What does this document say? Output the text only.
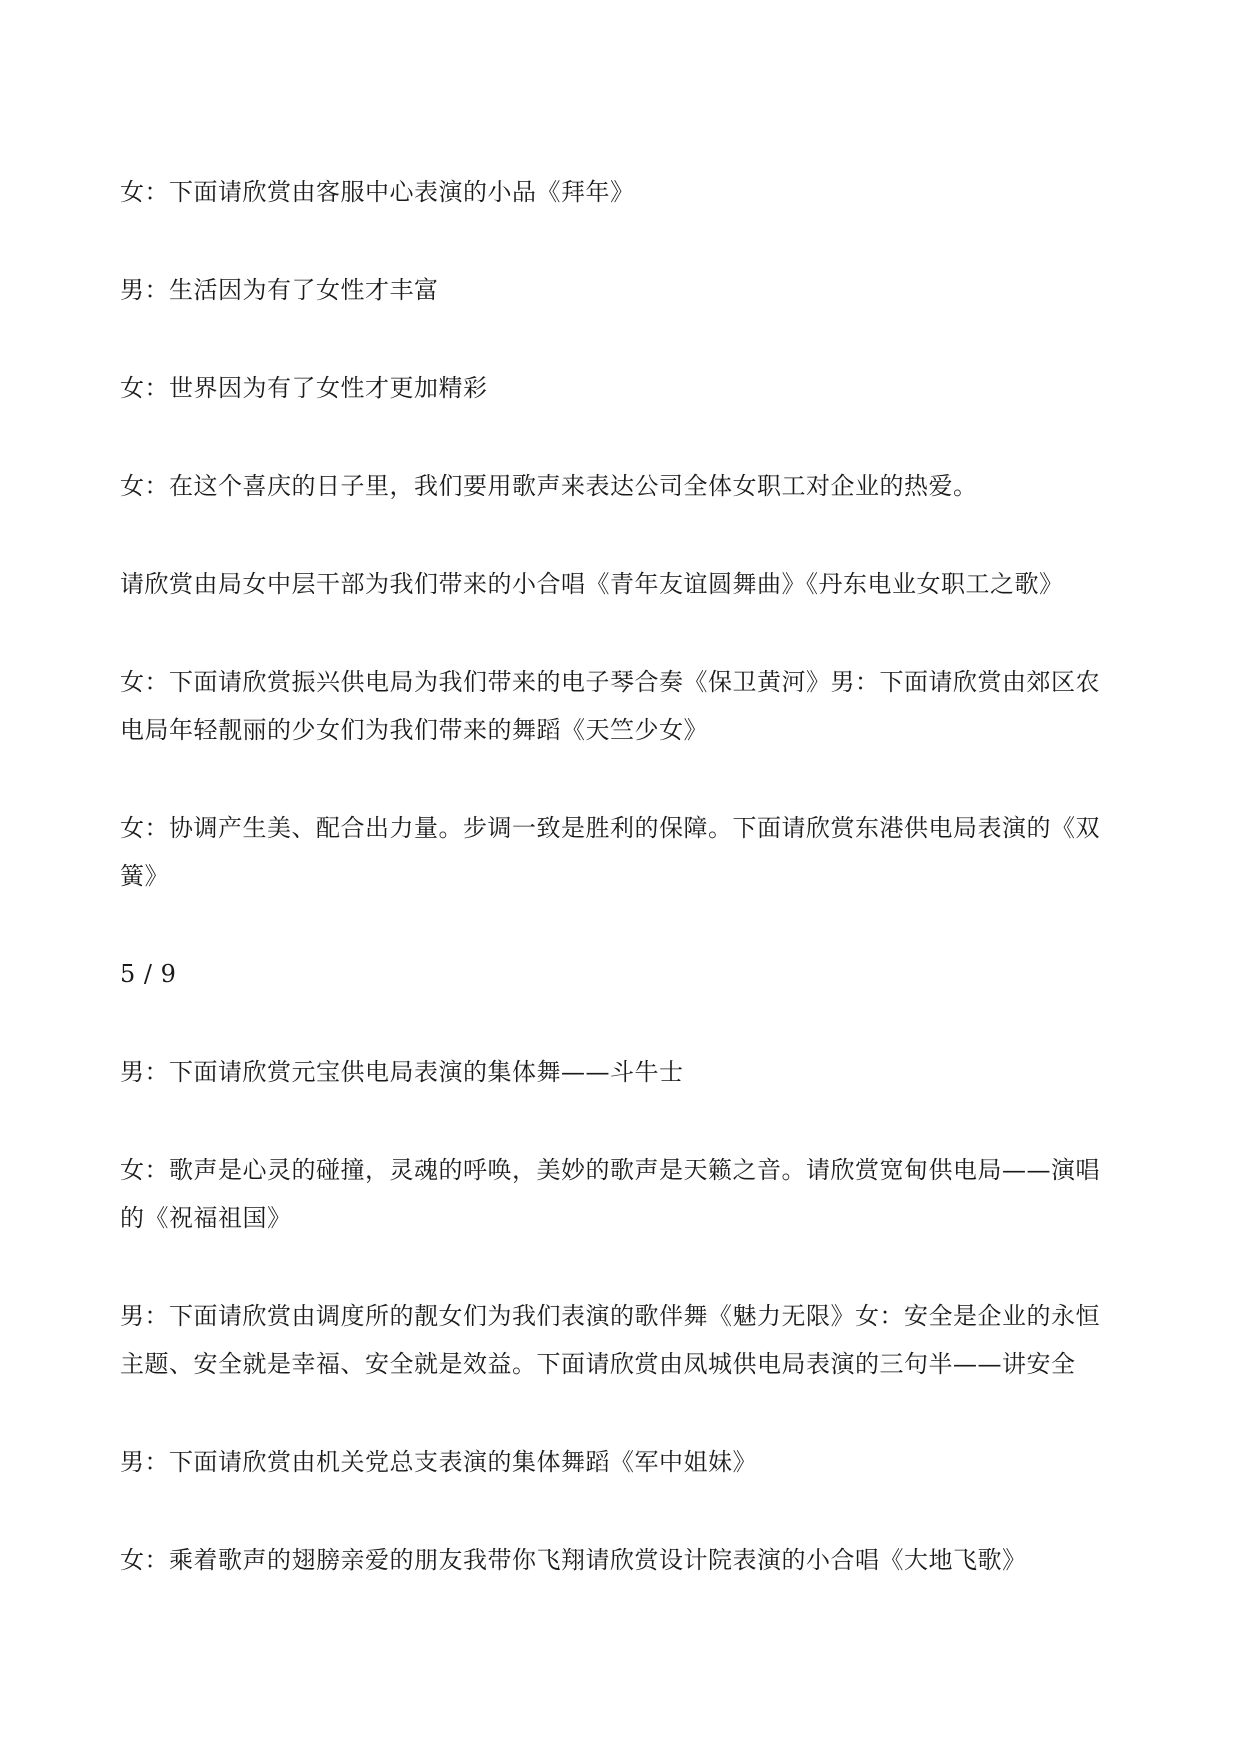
女：下面请欣赏由客服中心表演的小品《拜年》
男：生活因为有了女性才丰富
女：世界因为有了女性才更加精彩
女：在这个喜庆的日子里，我们要用歌声来表达公司全体女职工对企业的热爱。
请欣赏由局女中层干部为我们带来的小合唱《青年友谊圆舞曲》《丹东电业女职工之歌》
女：下面请欣赏振兴供电局为我们带来的电子琴合奏《保卫黄河》男：下面请欣赏由郊区农
电局年轻靓丽的少女们为我们带来的舞蹈《天竺少女》
女：协调产生美、配合出力量。步调一致是胜利的保障。下面请欣赏东港供电局表演的《双
簧》
5 / 9
男：下面请欣赏元宝供电局表演的集体舞——斗牛士
女：歌声是心灵的碰撞，灵魂的呼唤，美妙的歌声是天籁之音。请欣赏宽甸供电局——演唱
的《祝福祖国》
男：下面请欣赏由调度所的靓女们为我们表演的歌伴舞《魅力无限》女：安全是企业的永恒
主题、安全就是幸福、安全就是效益。下面请欣赏由凤城供电局表演的三句半——讲安全
男：下面请欣赏由机关党总支表演的集体舞蹈《军中姐妹》
女：乘着歌声的翅膀亲爱的朋友我带你飞翔请欣赏设计院表演的小合唱《大地飞歌》
